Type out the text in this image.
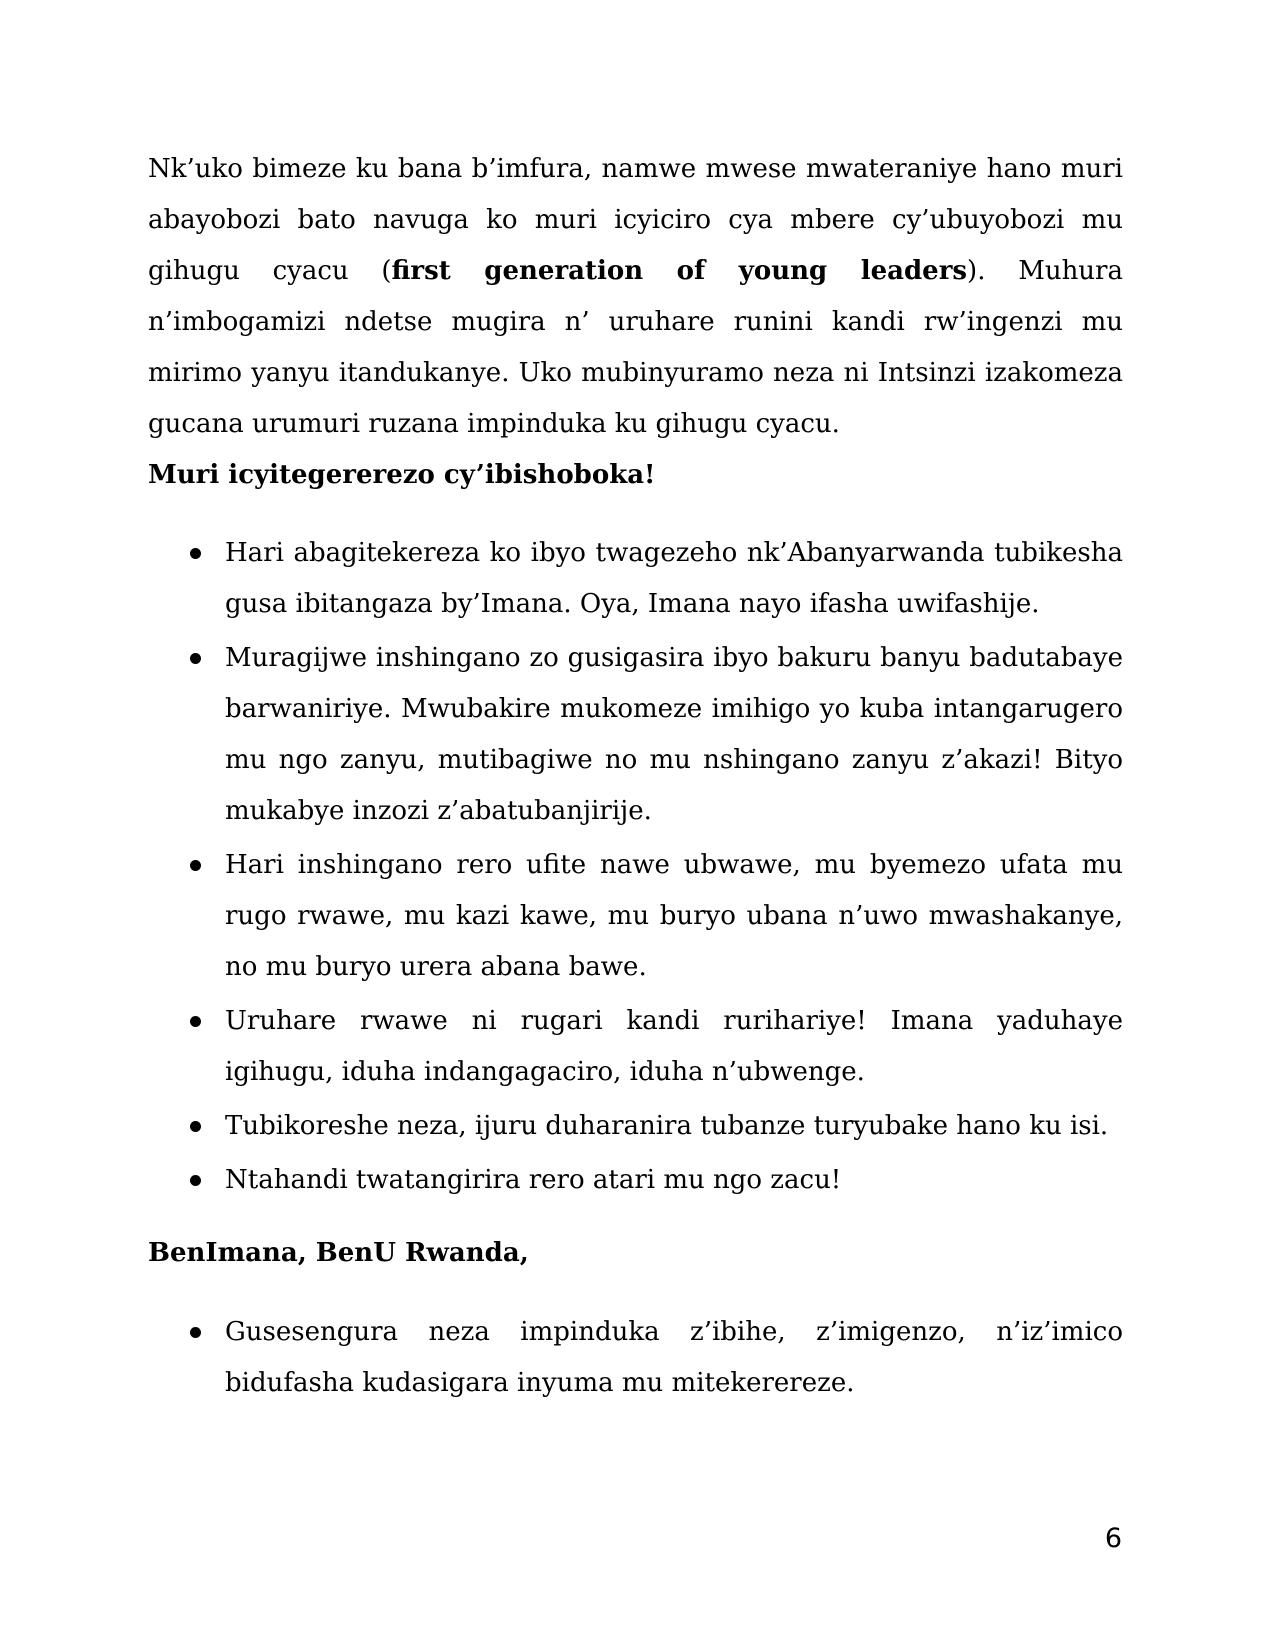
Nk’uko bimeze ku bana b’imfura, namwe mwese mwateraniye hano muri abayobozi bato navuga ko muri icyiciro cya mbere cy’ubuyobozi mu gihugu cyacu (first generation of young leaders). Muhura n’imbogamizi ndetse mugira n’ uruhare runini kandi rw’ingenzi mu mirimo yanyu itandukanye. Uko mubinyuramo neza ni Intsinzi izakomeza gucana urumuri ruzana impinduka ku gihugu cyacu.

Muri icyitegererezo cy’ibishoboka!

Hari abagitekereza ko ibyo twagezeho nk’Abanyarwanda tubikesha gusa ibitangaza by’Imana. Oya, Imana nayo ifasha uwifashije.
Muragijwe inshingano zo gusigasira ibyo bakuru banyu badutabaye barwaniriye. Mwubakire mukomeze imihigo yo kuba intangarugero mu ngo zanyu, mutibagiwe no mu nshingano zanyu z’akazi! Bityo mukabye inzozi z’abatubanjirije.
Hari inshingano rero ufite nawe ubwawe, mu byemezo ufata mu rugo rwawe, mu kazi kawe, mu buryo ubana n’uwo mwashakanye, no mu buryo urera abana bawe.
Uruhare rwawe ni rugari kandi rurihariye! Imana yaduhaye igihugu, iduha indangagaciro, iduha n’ubwenge.
Tubikoreshe neza, ijuru duharanira tubanze turyubake hano ku isi.
Ntahandi twatangirira rero atari mu ngo zacu!

BenImana, BenU Rwanda,

Gusesengura neza impinduka z’ibihe, z’imigenzo, n’iz’imico bidufasha kudasigara inyuma mu mitekerereze.
6
